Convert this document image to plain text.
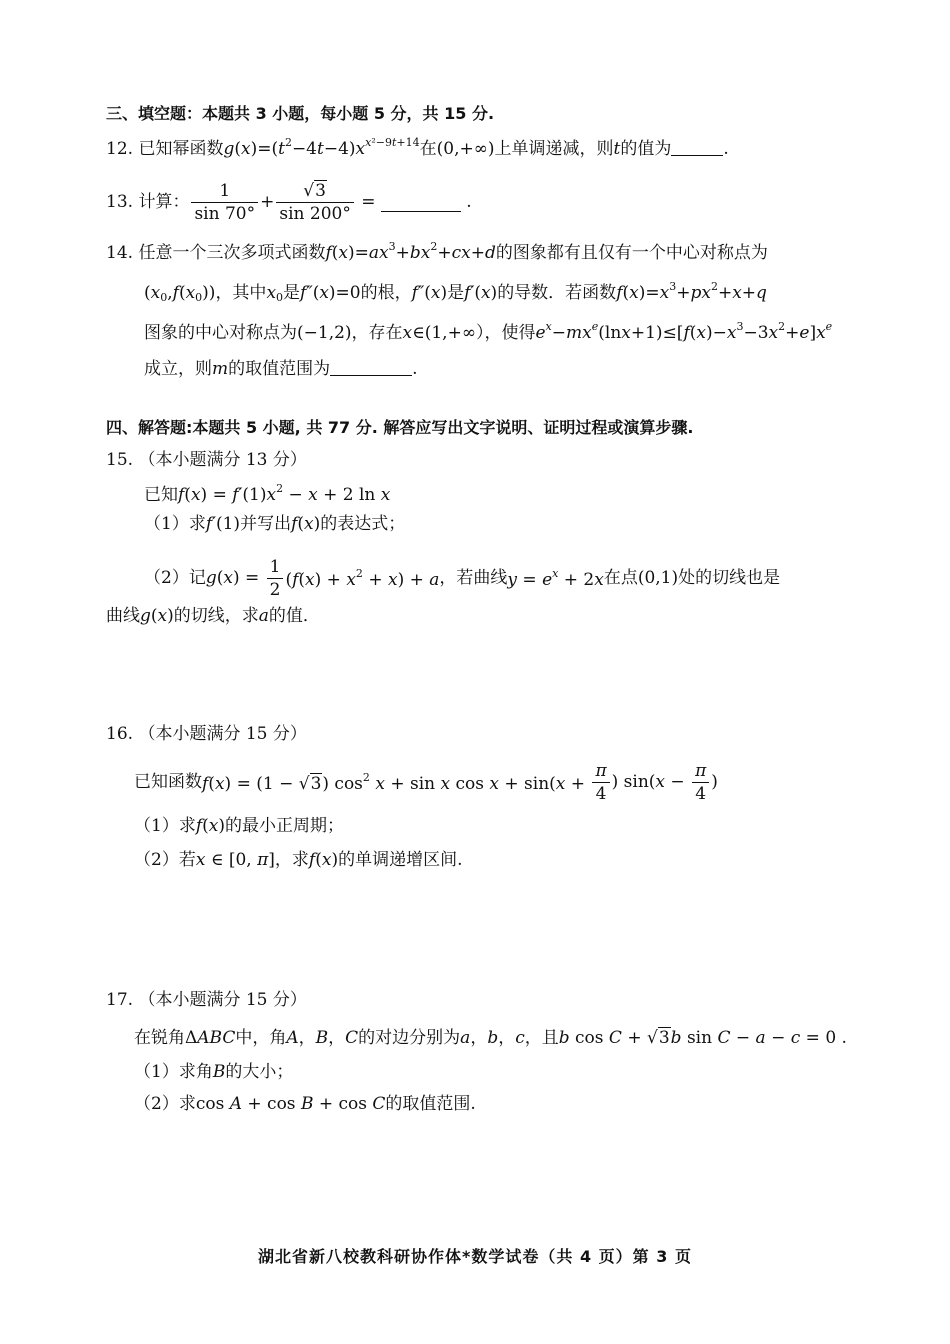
三、填空题：本题共 3 小题，每小题 5 分，共 15 分.
12. 已知幂函数$g(x)=(t^2-4t-4)x^{x^2-9t+14}$在(0,+∞)上单调递减，则t的值为	.
13. 计算： $\frac{1}{\sin 70^\circ} + \frac{√3}{\sin 200^\circ}$ =	.
14. 任意一个三次多项式函数$f(x)=ax^3+bx^2+cx+d$的图象都有且仅有一个中心对称点为
$(x_0,f(x_0))$，其中$x_0$是f″(x)=0的根，f″(x)是f′(x)的导数．若函数$f(x)=x^3+px^2+x+q$
图象的中心对称点为(−1,2)，存在x∈(1,+∞），使得$e^x-mx^e(\ln x+1)\le[f(x)-x^3-3x^2+e]x^e$
成立，则m的取值范围为	.
四、解答题:本题共 5 小题, 共 77 分. 解答应写出文字说明、证明过程或演算步骤.
15. （本小题满分 13 分）
已知$f(x) = f'(1)x^2 - x + 2$ ln x
（1）求f′(1)并写出f(x)的表达式；
（2）记$g(x) = \frac{1}{2} (f(x) + x^2 + x) + a$，若曲线$y = e^x + 2x$在点(0,1)处的切线也是
曲线g(x)的切线，求a的值．
16. （本小题满分 15 分）
已知函数f(x) = (1 − √3) $\cos^2 x + \sin x$ $\cos x + \sin(x + \frac{\pi}{4}$ ) $\sin(x - \frac{\pi}{4}$ )
（1）求f(x)的最小正周期；
（2）若x ∈ [0, π]，求f(x)的单调递增区间.
17. （本小题满分 15 分）
在锐角ΔABC中，角A，B，C的对边分别为a，b，c，且b cos C + √3b sin C − a − c = 0 .
（1）求角B的大小；
（2）求cos A + cos B + cos C的取值范围.
湖北省新八校教科研协作体*数学试卷（共 4 页）第 3 页
